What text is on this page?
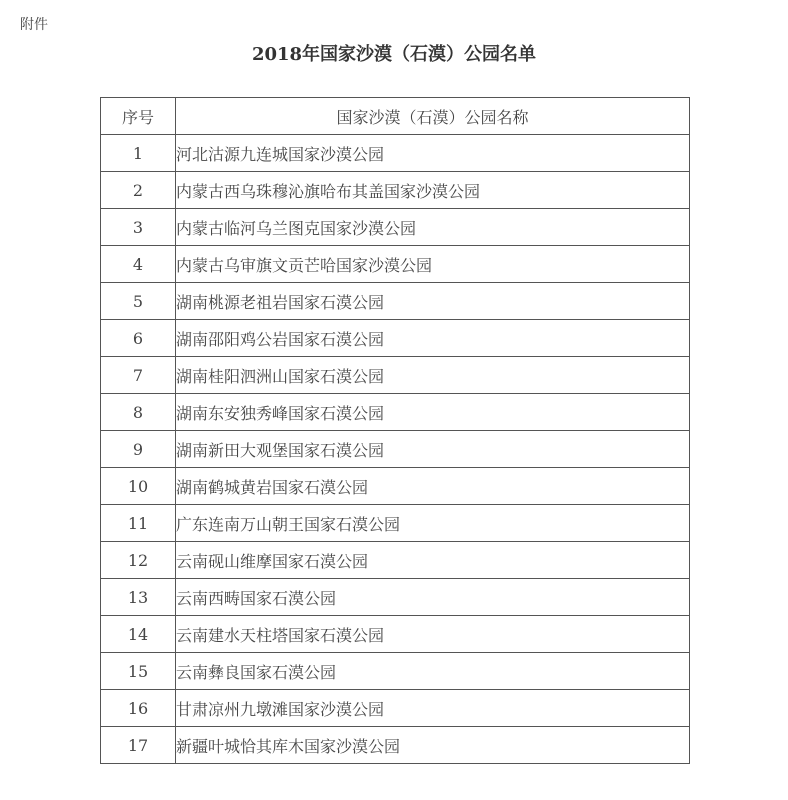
附件
2018年国家沙漠（石漠）公园名单
序号	国家沙漠（石漠）公园名称
1	河北沽源九连城国家沙漠公园
2	内蒙古西乌珠穆沁旗哈布其盖国家沙漠公园
3	内蒙古临河乌兰图克国家沙漠公园
4	内蒙古乌审旗文贡芒哈国家沙漠公园
5	湖南桃源老祖岩国家石漠公园
6	湖南邵阳鸡公岩国家石漠公园
7	湖南桂阳泗洲山国家石漠公园
8	湖南东安独秀峰国家石漠公园
9	湖南新田大观堡国家石漠公园
10	湖南鹤城黄岩国家石漠公园
11	广东连南万山朝王国家石漠公园
12	云南砚山维摩国家石漠公园
13	云南西畴国家石漠公园
14	云南建水天柱塔国家石漠公园
15	云南彝良国家石漠公园
16	甘肃凉州九墩滩国家沙漠公园
17	新疆叶城恰其库木国家沙漠公园
